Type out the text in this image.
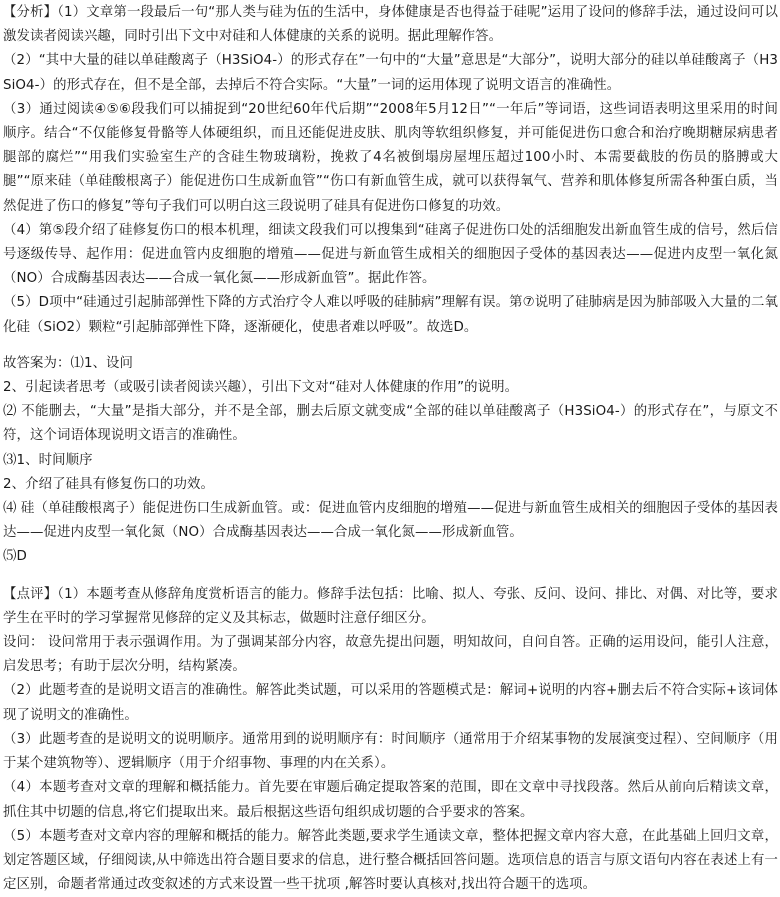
【分析】（1）文章第一段最后一句“那人类与硅为伍的生活中，身体健康是否也得益于硅呢”运用了设问的修辞手法，通过设问可以激发读者阅读兴趣，同时引出下文中对硅和人体健康的关系的说明。据此理解作答。

（2）“其中大量的硅以单硅酸离子（H3SiO4-）的形式存在”一句中的“大量”意思是“大部分”，说明大部分的硅以单硅酸离子（H3SiO4-）的形式存在，但不是全部，去掉后不符合实际。“大量”一词的运用体现了说明文语言的准确性。

（3）通过阅读④⑤⑥段我们可以捕捉到“20世纪60年代后期”“2008年5月12日”“一年后”等词语，这些词语表明这里采用的时间顺序。结合“不仅能修复骨骼等人体硬组织，而且还能促进皮肤、肌肉等软组织修复，并可能促进伤口愈合和治疗晚期糖尿病患者腿部的腐烂”“用我们实验室生产的含硅生物玻璃粉，挽救了4名被倒塌房屋埋压超过100小时、本需要截肢的伤员的胳膊或大腿”“原来硅（单硅酸根离子）能促进伤口生成新血管”“伤口有新血管生成，就可以获得氧气、营养和肌体修复所需各种蛋白质，当然促进了伤口的修复”等句子我们可以明白这三段说明了硅具有促进伤口修复的功效。

（4）第⑤段介绍了硅修复伤口的根本机理，细读文段我们可以搜集到“硅离子促进伤口处的活细胞发出新血管生成的信号，然后信号逐级传导、起作用：促进血管内皮细胞的增殖——促进与新血管生成相关的细胞因子受体的基因表达——促进内皮型一氧化氮（NO）合成酶基因表达——合成一氧化氮——形成新血管”。据此作答。

（5）D项中“硅通过引起肺部弹性下降的方式治疗令人难以呼吸的硅肺病”理解有误。第⑦说明了硅肺病是因为肺部吸入大量的二氧化硅（SiO2）颗粒“引起肺部弹性下降，逐渐硬化，使患者难以呼吸”。故选D。

故答案为：⑴1、设问

2、引起读者思考（或吸引读者阅读兴趣），引出下文对“硅对人体健康的作用”的说明。

⑵ 不能删去，“大量”是指大部分，并不是全部，删去后原文就变成“全部的硅以单硅酸离子（H3SiO4-）的形式存在”，与原文不符，这个词语体现说明文语言的准确性。

⑶1、时间顺序

2、介绍了硅具有修复伤口的功效。

⑷ 硅（单硅酸根离子）能促进伤口生成新血管。或：促进血管内皮细胞的增殖——促进与新血管生成相关的细胞因子受体的基因表达——促进内皮型一氧化氮（NO）合成酶基因表达——合成一氧化氮——形成新血管。

⑸D

【点评】（1）本题考查从修辞角度赏析语言的能力。修辞手法包括：比喻、拟人、夸张、反问、设问、排比、对偶、对比等，要求学生在平时的学习掌握常见修辞的定义及其标志，做题时注意仔细区分。

设问： 设问常用于表示强调作用。为了强调某部分内容，故意先提出问题，明知故问，自问自答。正确的运用设问，能引人注意，启发思考；有助于层次分明，结构紧凑。

（2）此题考查的是说明文语言的准确性。解答此类试题，可以采用的答题模式是：解词+说明的内容+删去后不符合实际+该词体现了说明文的准确性。

（3）此题考查的是说明文的说明顺序。通常用到的说明顺序有：时间顺序（通常用于介绍某事物的发展演变过程）、空间顺序（用于某个建筑物等）、逻辑顺序（用于介绍事物、事理的内在关系）。

（4）本题考查对文章的理解和概括能力。首先要在审题后确定提取答案的范围，即在文章中寻找段落。然后从前向后精读文章，抓住其中切题的信息,将它们提取出来。最后根据这些语句组织成切题的合乎要求的答案。

（5）本题考查对文章内容的理解和概括的能力。解答此类题,要求学生通读文章，整体把握文章内容大意，在此基础上回归文章，划定答题区域，仔细阅读,从中筛选出符合题目要求的信息，进行整合概括回答问题。选项信息的语言与原文语句内容在表述上有一定区别，命题者常通过改变叙述的方式来设置一些干扰项 ,解答时要认真核对,找出符合题干的选项。
